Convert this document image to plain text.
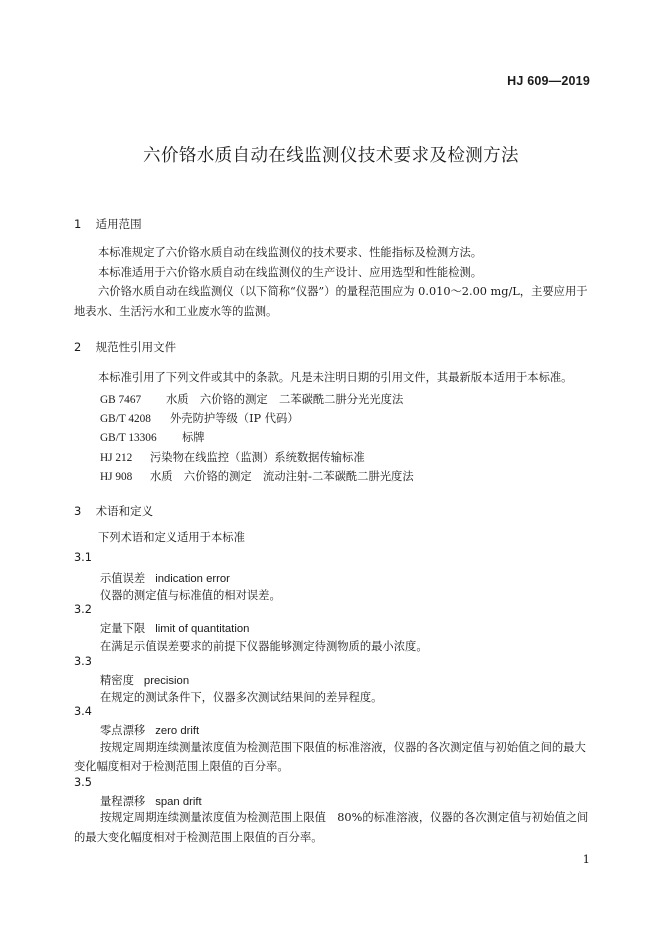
HJ 609—2019
六价铬水质自动在线监测仪技术要求及检测方法
1 适用范围
本标准规定了六价铬水质自动在线监测仪的技术要求、性能指标及检测方法。
本标准适用于六价铬水质自动在线监测仪的生产设计、应用选型和性能检测。
六价铬水质自动在线监测仪（以下简称“仪器”）的量程范围应为 0.010～2.00 mg/L，主要应用于
地表水、生活污水和工业废水等的监测。
2 规范性引用文件
本标准引用了下列文件或其中的条款。凡是未注明日期的引用文件，其最新版本适用于本标准。
GB 7467 水质　六价铬的测定　二苯碳酰二肼分光光度法
GB/T 4208 外壳防护等级（IP 代码）
GB/T 13306 标牌
HJ 212 污染物在线监控（监测）系统数据传输标准
HJ 908 水质　六价铬的测定　流动注射-二苯碳酰二肼光度法
3 术语和定义
下列术语和定义适用于本标准
3.1
示值误差 indication error
仪器的测定值与标准值的相对误差。
3.2
定量下限 limit of quantitation
在满足示值误差要求的前提下仪器能够测定待测物质的最小浓度。
3.3
精密度 precision
在规定的测试条件下，仪器多次测试结果间的差异程度。
3.4
零点漂移 zero drift
按规定周期连续测量浓度值为检测范围下限值的标准溶液，仪器的各次测定值与初始值之间的最大
变化幅度相对于检测范围上限值的百分率。
3.5
量程漂移 span drift
按规定周期连续测量浓度值为检测范围上限值　80%的标准溶液，仪器的各次测定值与初始值之间
的最大变化幅度相对于检测范围上限值的百分率。
1
